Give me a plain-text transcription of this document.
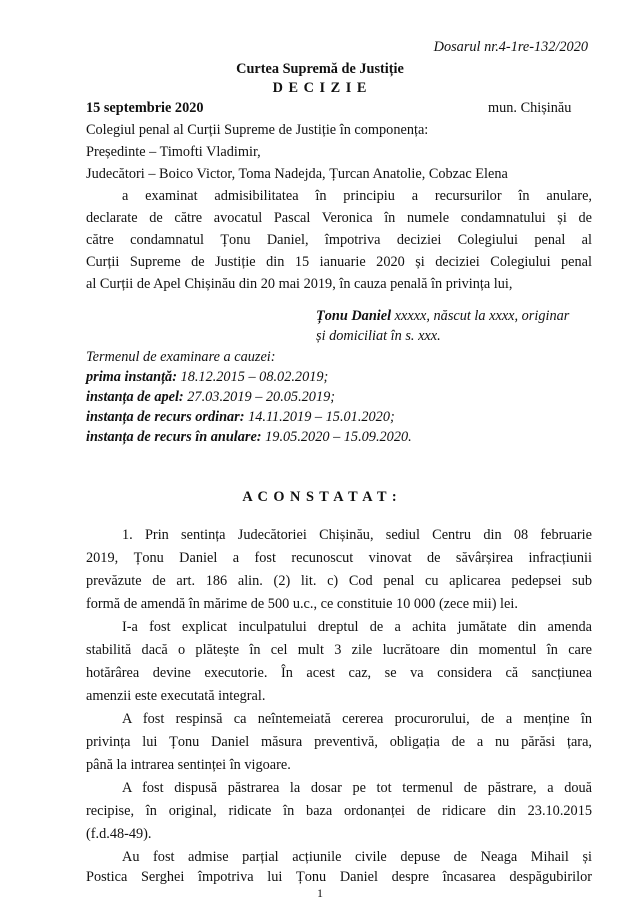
Dosarul nr.4-1re-132/2020
Curtea Supremă de Justiție
D E C I Z I E
15 septembrie 2020	mun. Chișinău
Colegiul penal al Curții Supreme de Justiție în componența:
Președinte – Timofti Vladimir,
Judecători – Boico Victor, Toma Nadejda, Țurcan Anatolie, Cobzac Elena
a examinat admisibilitatea în principiu a recursurilor în anulare,
declarate de către avocatul Pascal Veronica în numele condamnatului și de
către condamnatul Țonu Daniel, împotriva deciziei Colegiului penal al
Curții Supreme de Justiție din 15 ianuarie 2020 și deciziei Colegiului penal
al Curții de Apel Chișinău din 20 mai 2019, în cauza penală în privința lui,
Țonu Daniel xxxxx, născut la xxxx, originar
și domiciliat în s. xxx.
Termenul de examinare a cauzei:
prima instanță: 18.12.2015 – 08.02.2019;
instanța de apel: 27.03.2019 – 20.05.2019;
instanța de recurs ordinar: 14.11.2019 – 15.01.2020;
instanța de recurs în anulare: 19.05.2020 – 15.09.2020.
A C O N S T A T A T :
1. Prin sentința Judecătoriei Chișinău, sediul Centru din 08 februarie
2019, Țonu Daniel a fost recunoscut vinovat de săvârșirea infracțiunii
prevăzute de art. 186 alin. (2) lit. c) Cod penal cu aplicarea pedepsei sub
formă de amendă în mărime de 500 u.c., ce constituie 10 000 (zece mii) lei.
I-a fost explicat inculpatului dreptul de a achita jumătate din amenda
stabilită dacă o plătește în cel mult 3 zile lucrătoare din momentul în care
hotărârea devine executorie. În acest caz, se va considera că sancțiunea
amenzii este executată integral.
A fost respinsă ca neîntemeiată cererea procurorului, de a menține în
privința lui Țonu Daniel măsura preventivă, obligația de a nu părăsi țara,
până la intrarea sentinței în vigoare.
A fost dispusă păstrarea la dosar pe tot termenul de păstrare, a două
recipise, în original, ridicate în baza ordonanței de ridicare din 23.10.2015
(f.d.48-49).
Au fost admise parțial acțiunile civile depuse de Neaga Mihail și
Postica Serghei împotriva lui Țonu Daniel despre încasarea despăgubirilor
1
